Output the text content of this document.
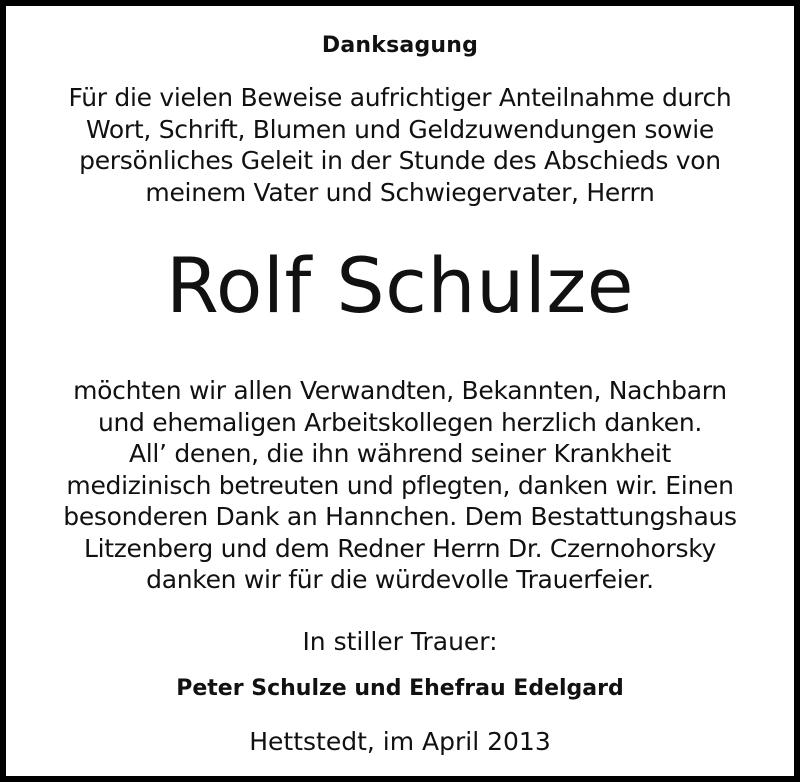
Danksagung
Für die vielen Beweise aufrichtiger Anteilnahme durch
Wort, Schrift, Blumen und Geldzuwendungen sowie
persönliches Geleit in der Stunde des Abschieds von
meinem Vater und Schwiegervater, Herrn
Rolf Schulze
möchten wir allen Verwandten, Bekannten, Nachbarn
und ehemaligen Arbeitskollegen herzlich danken.
All’ denen, die ihn während seiner Krankheit
medizinisch betreuten und pflegten, danken wir. Einen
besonderen Dank an Hannchen. Dem Bestattungshaus
Litzenberg und dem Redner Herrn Dr. Czernohorsky
danken wir für die würdevolle Trauerfeier.
In stiller Trauer:
Peter Schulze und Ehefrau Edelgard
Hettstedt, im April 2013
